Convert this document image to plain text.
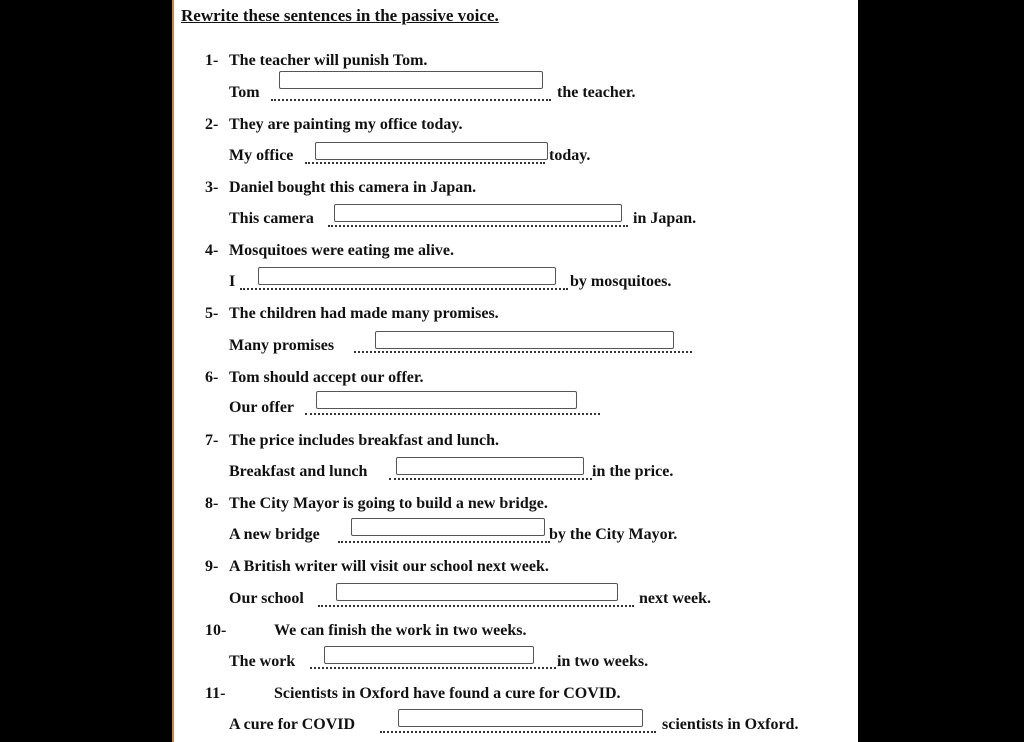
Rewrite these sentences in the passive voice.
1- The teacher will punish Tom.
Tom	the teacher.
2- They are painting my office today.
My office	today.
3- Daniel bought this camera in Japan.
This camera	in Japan.
4- Mosquitoes were eating me alive.
I	by mosquitoes.
5- The children had made many promises.
Many promises
6- Tom should accept our offer.
Our offer
7- The price includes breakfast and lunch.
Breakfast and lunch	in the price.
8- The City Mayor is going to build a new bridge.
A new bridge	by the City Mayor.
9- A British writer will visit our school next week.
Our school	next week.
10-	We can finish the work in two weeks.
The work	in two weeks.
11-	Scientists in Oxford have found a cure for COVID.
A cure for COVID	scientists in Oxford.
